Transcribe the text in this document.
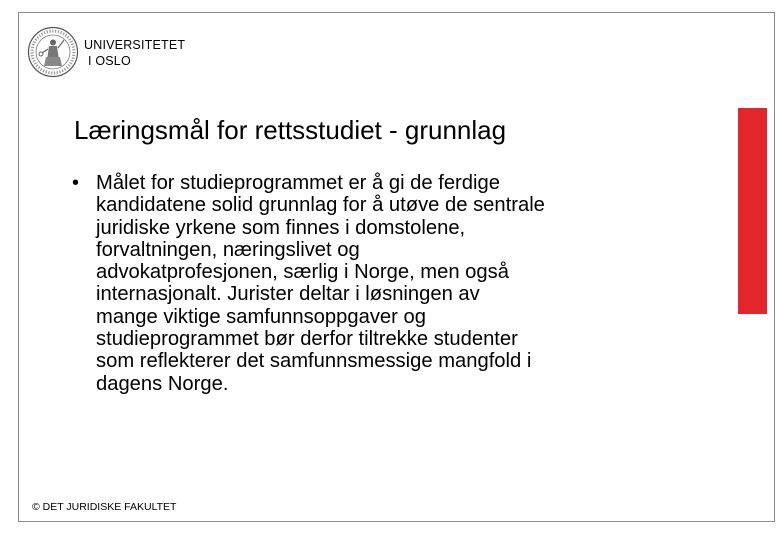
UNIVERSITETET
I OSLO
Læringsmål for rettsstudiet - grunnlag
• Målet for studieprogrammet er å gi de ferdige
kandidatene solid grunnlag for å utøve de sentrale
juridiske yrkene som finnes i domstolene,
forvaltningen, næringslivet og
advokatprofesjonen, særlig i Norge, men også
internasjonalt. Jurister deltar i løsningen av
mange viktige samfunnsoppgaver og
studieprogrammet bør derfor tiltrekke studenter
som reflekterer det samfunnsmessige mangfold i
dagens Norge.
© DET JURIDISKE FAKULTET
